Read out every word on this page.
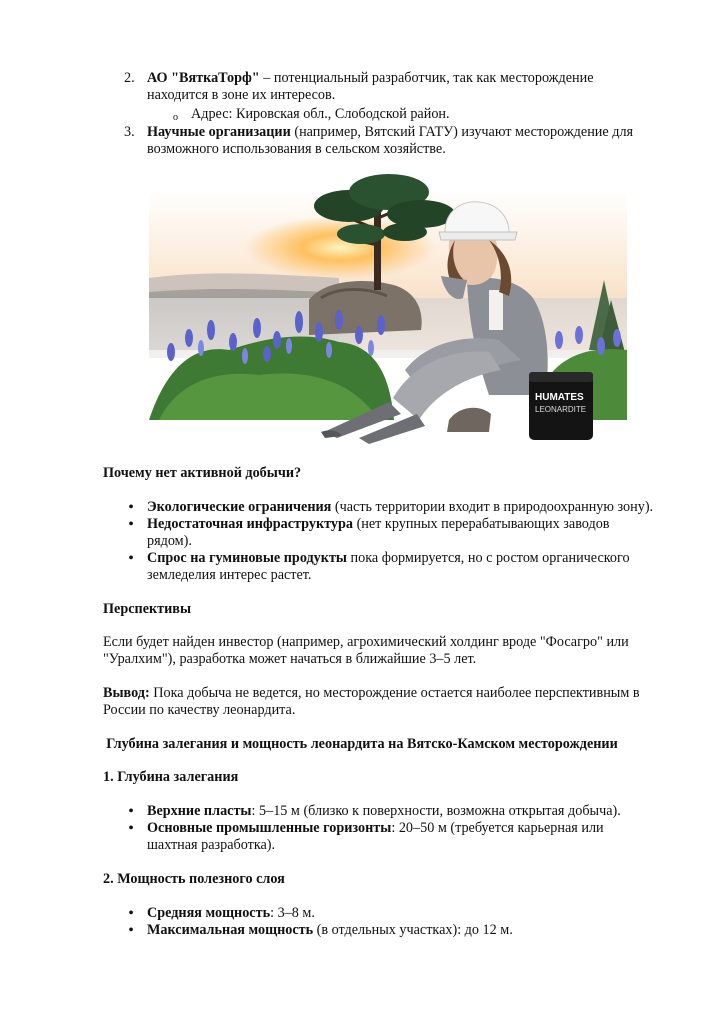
2. АО "ВяткаТорф" – потенциальный разработчик, так как месторождение

находится в зоне их интересов.

o Адрес: Кировская обл., Слободской район.

3. Научные организации (например, Вятский ГАТУ) изучают месторождение для

возможного использования в сельском хозяйстве.

HUMATES
LEONARDITE

Почему нет активной добычи?

•

Экологические ограничения (часть территории входит в природоохранную зону).

•

Недостаточная инфраструктура (нет крупных перерабатывающих заводов

рядом).

•

Спрос на гуминовые продукты пока формируется, но с ростом органического

земледелия интерес растет.

Перспективы

Если будет найден инвестор (например, агрохимический холдинг вроде "Фосагро" или

"Уралхим"), разработка может начаться в ближайшие 3–5 лет.

Вывод: Пока добыча не ведется, но месторождение остается наиболее перспективным в

России по качеству леонардита.

Глубина залегания и мощность леонардита на Вятско-Камском месторождении

1. Глубина залегания

•

Верхние пласты: 5–15 м (близко к поверхности, возможна открытая добыча).

•

Основные промышленные горизонты: 20–50 м (требуется карьерная или

шахтная разработка).

2. Мощность полезного слоя

•

Средняя мощность: 3–8 м.

•

Максимальная мощность (в отдельных участках): до 12 м.
